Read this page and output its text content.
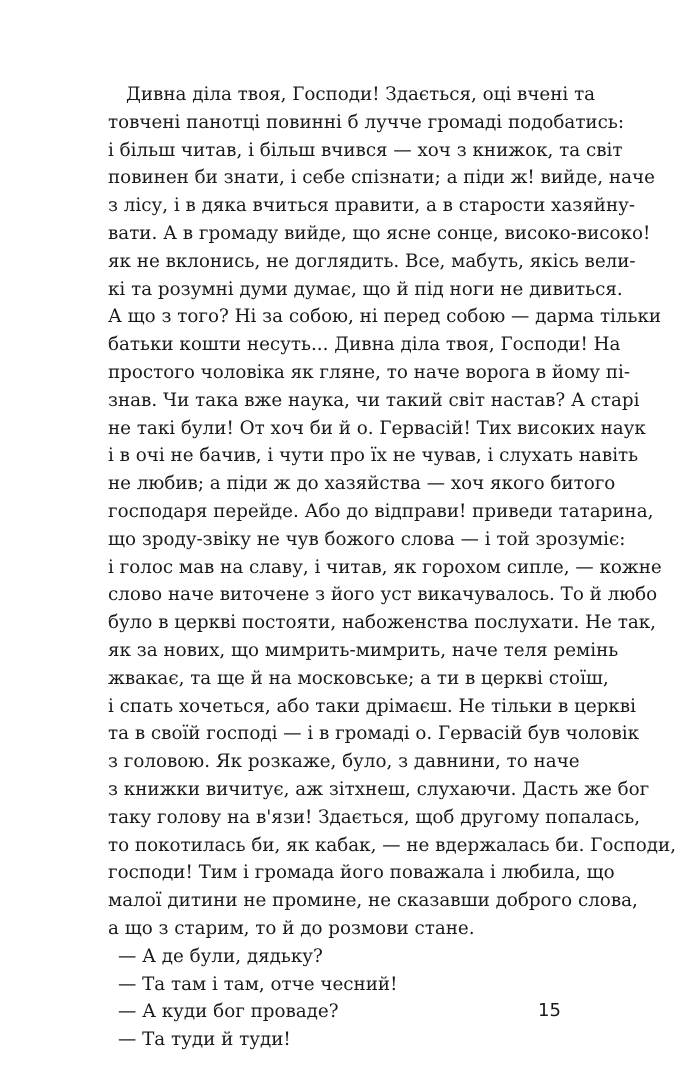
Дивна діла твоя, Господи! Здається, оці вчені та
товчені панотці повинні б лучче громаді подобатись:
і більш читав, і більш вчився — хоч з книжок, та світ
повинен би знати, і себе спізнати; а піди ж! вийде, наче
з лісу, і в дяка вчиться правити, а в старости хазяйну-
вати. А в громаду вийде, що ясне сонце, високо-високо!
як не вклонись, не доглядить. Все, мабуть, якісь вели-
кі та розумні думи думає, що й під ноги не дивиться.
А що з того? Ні за собою, ні перед собою — дарма тільки
батьки кошти несуть... Дивна діла твоя, Господи! На
простого чоловіка як гляне, то наче ворога в йому пі-
знав. Чи така вже наука, чи такий світ настав? А старі
не такі були! От хоч би й о. Гервасій! Тих високих наук
і в очі не бачив, і чути про їх не чував, і слухать навіть
не любив; а піди ж до хазяйства — хоч якого битого
господаря перейде. Або до відправи! приведи татарина,
що зроду-звіку не чув божого слова — і той зрозуміє:
і голос мав на славу, і читав, як горохом сипле, — кожне
слово наче виточене з його уст викачувалось. То й любо
було в церкві постояти, набоженства послухати. Не так,
як за нових, що мимрить-мимрить, наче теля ремінь
жвакає, та ще й на московське; а ти в церкві стоїш,
і спать хочеться, або таки дрімаєш. Не тільки в церкві
та в своїй господі — і в громаді о. Гервасій був чоловік
з головою. Як розкаже, було, з давнини, то наче
з книжки вичитує, аж зітхнеш, слухаючи. Дасть же бог
таку голову на в'язи! Здається, щоб другому попалась,
то покотилась би, як кабак, — не вдержалась би. Господи,
господи! Тим і громада його поважала і любила, що
малої дитини не промине, не сказавши доброго слова,
а що з старим, то й до розмови стане.
— А де були, дядьку?
— Та там і там, отче чесний!
— А куди бог проваде?
— Та туди й туди!
15
